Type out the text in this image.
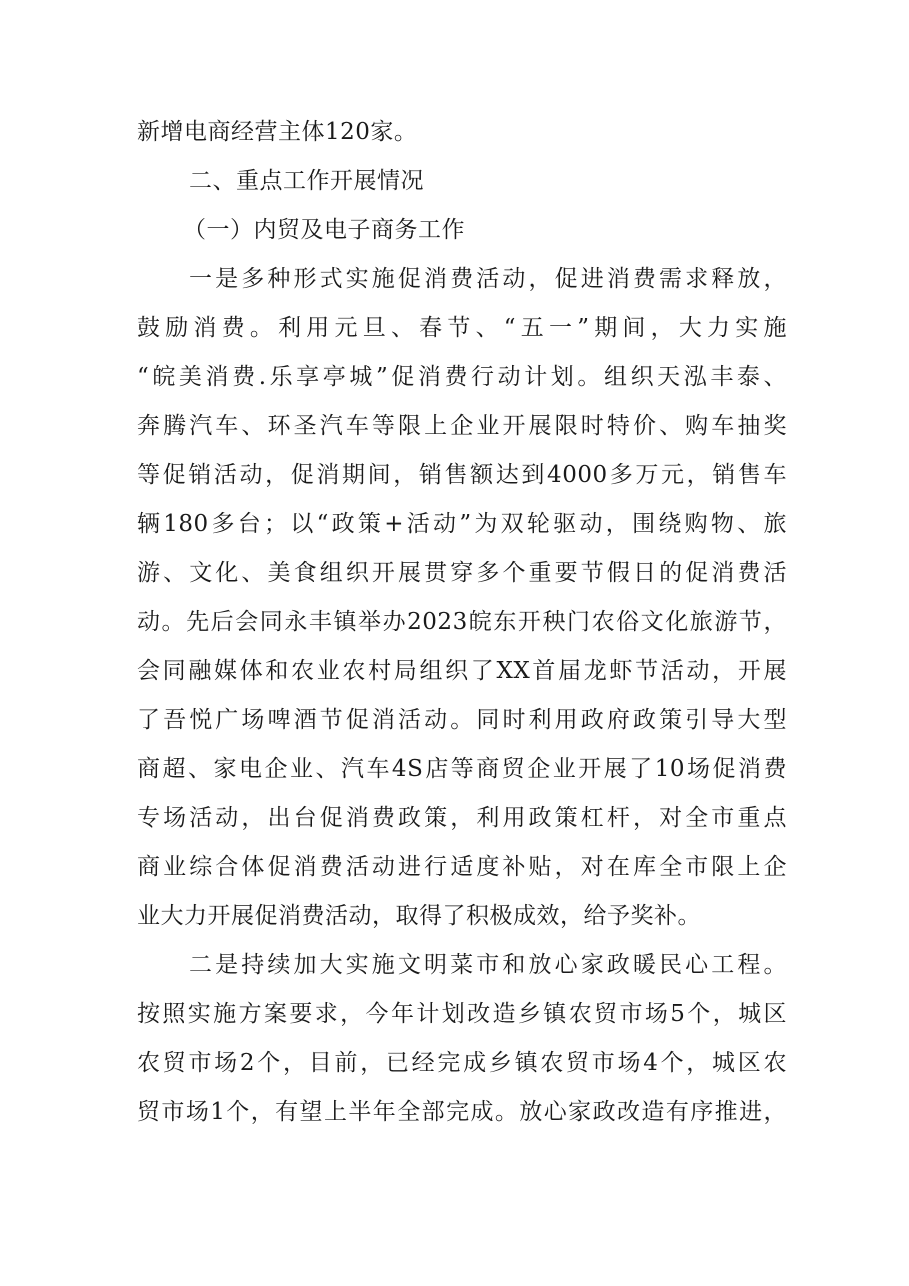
新增电商经营主体120家。
二、重点工作开展情况
（一）内贸及电子商务工作
一是多种形式实施促消费活动，促进消费需求释放，
鼓励消费。利用元旦、春节、“五一”期间，大力实施
“皖美消费.乐享亭城”促消费行动计划。组织天泓丰泰、
奔腾汽车、环圣汽车等限上企业开展限时特价、购车抽奖
等促销活动，促消期间，销售额达到4000多万元，销售车
辆180多台；以“政策+活动”为双轮驱动，围绕购物、旅
游、文化、美食组织开展贯穿多个重要节假日的促消费活
动。先后会同永丰镇举办2023皖东开秧门农俗文化旅游节，
会同融媒体和农业农村局组织了XX首届龙虾节活动，开展
了吾悦广场啤酒节促消活动。同时利用政府政策引导大型
商超、家电企业、汽车4S店等商贸企业开展了10场促消费
专场活动，出台促消费政策，利用政策杠杆，对全市重点
商业综合体促消费活动进行适度补贴，对在库全市限上企
业大力开展促消费活动，取得了积极成效，给予奖补。
二是持续加大实施文明菜市和放心家政暖民心工程。
按照实施方案要求，今年计划改造乡镇农贸市场5个，城区
农贸市场2个，目前，已经完成乡镇农贸市场4个，城区农
贸市场1个，有望上半年全部完成。放心家政改造有序推进，
